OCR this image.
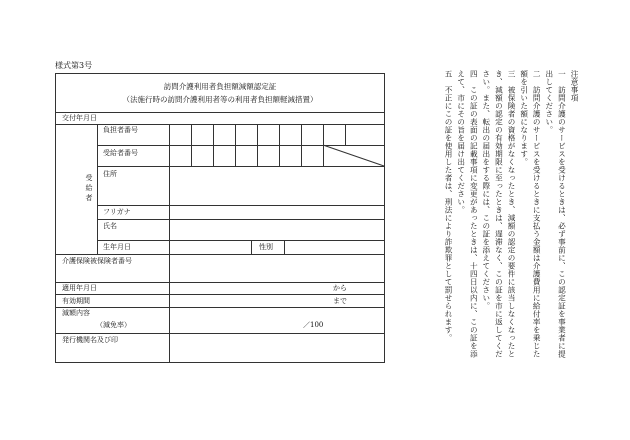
様式第3号
訪問介護利用者負担額減額認定証
（法施行時の訪問介護利用者等の利用者負担額軽減措置）
交付年月日
受給者
負担者番号
受給者番号
住所
フリガナ
氏名
生年月日	性別
介護保険被保険者番号
適用年月日	から
有効期間	まで
減額内容
（減免率）	／100
発行機関名及び印

注意事項

一　訪問介護のサービスを受けるときは、必ず事前に、この認定証を事業者に提出してください。

二　訪問介護のサービスを受けるときに支払う金額は介護費用に給付率を乗じた額を引いた額になります。

三　被保険者の資格がなくなったとき、減額の認定の要件に該当しなくなったとき、減額の認定の有効期限に至ったときは、遅滞なく、この証を市に返してください。また、転出の届出をする際には、この証を添えてください。

四　この証の表面の記載事項に変更があったときは、十四日以内に、この証を添えて、市にその旨を届け出てください。

五　不正にこの証を使用した者は、刑法により詐欺罪として罰せられます。
